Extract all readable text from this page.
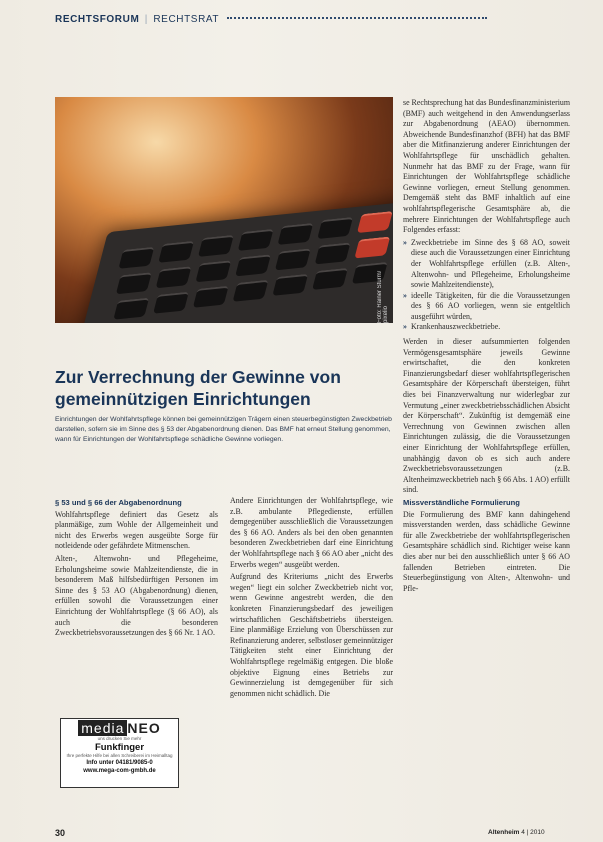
RECHTSFORUM | RECHTSRAT
Foto: Rainer Sturm/ pixelio
Zur Verrechnung der Gewinne von gemeinnützigen Einrichtungen
Einrichtungen der Wohlfahrtspflege können bei gemeinnützigen Trägern einen steuerbegünstigten Zweckbetrieb darstellen, sofern sie im Sinne des § 53 der Abgabenordnung dienen. Das BMF hat erneut Stellung genommen, wann für Einrichtungen der Wohlfahrtspflege schädliche Gewinne vorliegen.
§ 53 und § 66 der Abgabenordnung

Wohlfahrtspflege definiert das Gesetz als planmäßige, zum Wohle der Allgemeinheit und nicht des Erwerbs wegen ausgeübte Sorge für notleidende oder gefährdete Mitmenschen.

Alten-, Altenwohn- und Pflegeheime, Erholungsheime sowie Mahlzeitendienste, die in besonderem Maß hilfsbedürftigen Personen im Sinne des § 53 AO (Abgabenordnung) dienen, erfüllen sowohl die Voraussetzungen einer Einrichtung der Wohlfahrtspflege (§ 66 AO), als auch die besonderen Zweckbetriebsvoraussetzungen des § 66 Nr. 1 AO.

Andere Einrichtungen der Wohlfahrtspflege, wie z.B. ambulante Pflegedienste, erfüllen demgegenüber ausschließlich die Voraussetzungen des § 66 AO. Anders als bei den oben genannten besonderen Zweckbetrieben darf eine Einrichtung der Wohlfahrtspflege nach § 66 AO aber „nicht des Erwerbs wegen“ ausgeübt werden.

Aufgrund des Kriteriums „nicht des Erwerbs wegen“ liegt ein solcher Zweckbetrieb nicht vor, wenn Gewinne angestrebt werden, die den konkreten Finanzierungsbedarf des jeweiligen wirtschaftlichen Geschäftsbetriebs übersteigen. Eine planmäßige Erzielung von Überschüssen zur Refinanzierung anderer, selbstloser gemeinnütziger Tätigkeiten steht einer Einrichtung der Wohlfahrtspflege regelmäßig entgegen. Die bloße objektive Eignung eines Betriebs zur Gewinnerzielung ist demgegenüber für sich genommen nicht schädlich. Die

se Rechtsprechung hat das Bundesfinanzministerium (BMF) auch weitgehend in den Anwendungserlass zur Abgabenordnung (AEAO) übernommen. Abweichende Bundesfinanzhof (BFH) hat das BMF aber die Mitfinanzierung anderer Einrichtungen der Wohlfahrtspflege für unschädlich gehalten. Nunmehr hat das BMF zu der Frage, wann für Einrichtungen der Wohlfahrtspflege schädliche Gewinne vorliegen, erneut Stellung genommen. Demgemäß steht das BMF inhaltlich auf eine wohlfahrtspflegerische Gesamtsphäre ab, die mehrere Einrichtungen der Wohlfahrtspflege auch Folgendes erfasst:

» Zweckbetriebe im Sinne des § 68 AO, soweit diese auch die Voraussetzungen einer Einrichtung der Wohlfahrtspflege erfüllen (z.B. Alten-, Altenwohn- und Pflegeheime, Erholungsheime sowie Mahlzeitendienste),
» ideelle Tätigkeiten, für die die Voraussetzungen des § 66 AO vorliegen, wenn sie entgeltlich ausgeführt würden,
» Krankenhauszweckbetriebe.

Werden in dieser aufsummierten folgenden Vermögensgesamtsphäre jeweils Gewinne erwirtschaftet, die den konkreten Finanzierungsbedarf dieser wohlfahrtspflegerischen Gesamtsphäre der Körperschaft übersteigen, führt dies bei Finanzverwaltung nur widerlegbar zur Vermutung „einer zweckbetriebsschädlichen Absicht der Körperschaft“. Zukünftig ist demgemäß eine Verrechnung von Gewinnen zwischen allen Einrichtungen zulässig, die die Voraussetzungen einer Einrichtung der Wohlfahrtspflege erfüllen, unabhängig davon ob es sich auch andere Zweckbetriebsvoraussetzungen (z.B. Altenheimzweckbetrieb nach § 66 Abs. 1 AO) erfüllt sind.

Missverständliche Formulierung

Die Formulierung des BMF kann dahingehend missverstanden werden, dass schädliche Gewinne für alle Zweckbetriebe der wohlfahrtspflegerischen Gesamtsphäre schädlich sind. Richtiger weise kann dies aber nur bei den ausschließlich unter § 66 AO fallenden Betrieben eintreten. Die Steuerbegünstigung von Alten-, Altenwohn- und Pfle-

media NEO
uns drucken Sie mehr
Funkfinger
Ihre perfekte Hilfe bei allen Schreiberei im Heimalltag
Info unter 04181/9085-0
www.mega-com-gmbh.de
30	Altenheim 4 | 2010
